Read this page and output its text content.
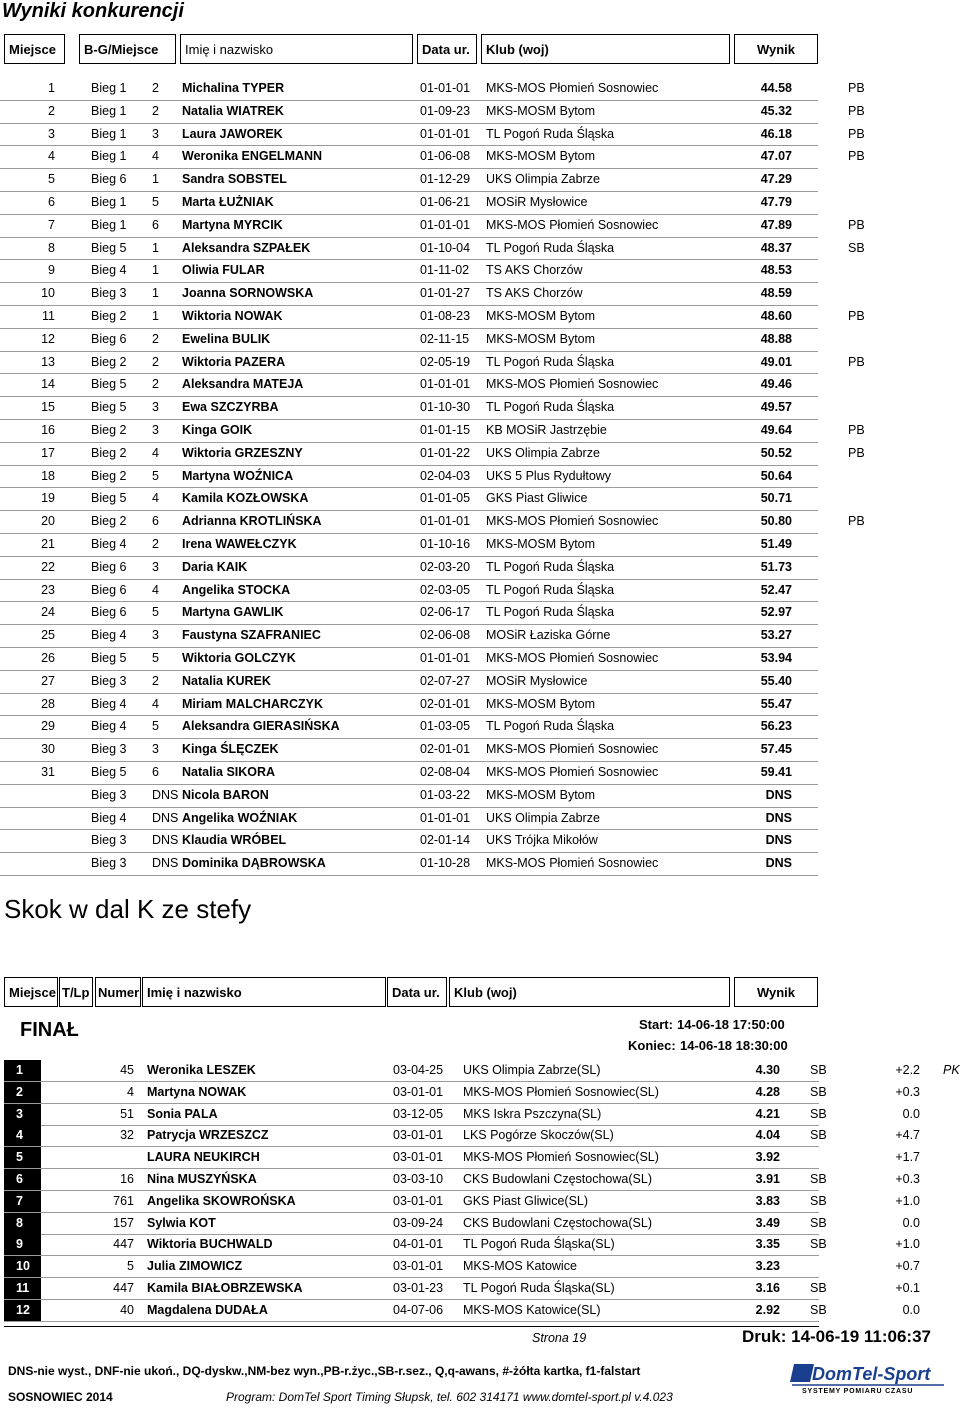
Wyniki konkurencji
Miejsce	B-G/Miejsce	Imię i nazwisko	Data ur.	Klub (woj)	Wynik
1	Bieg 1 2 Michalina TYPER	01-01-01 MKS-MOS Płomień Sosnowiec	44.58	PB
2	Bieg 1 2 Natalia WIATREK	01-09-23 MKS-MOSM Bytom	45.32	PB
3	Bieg 1 3 Laura JAWOREK	01-01-01 TL Pogoń Ruda Śląska	46.18	PB
4	Bieg 1 4 Weronika ENGELMANN	01-06-08 MKS-MOSM Bytom	47.07	PB
5	Bieg 6 1 Sandra SOBSTEL	01-12-29 UKS Olimpia Zabrze	47.29
6	Bieg 1 5 Marta ŁUŻNIAK	01-06-21 MOSiR Mysłowice	47.79
7	Bieg 1 6 Martyna MYRCIK	01-01-01 MKS-MOS Płomień Sosnowiec	47.89	PB
8	Bieg 5 1 Aleksandra SZPAŁEK	01-10-04 TL Pogoń Ruda Śląska	48.37	SB
9	Bieg 4 1 Oliwia FULAR	01-11-02 TS AKS Chorzów	48.53
10	Bieg 3 1 Joanna SORNOWSKA	01-01-27 TS AKS Chorzów	48.59
11	Bieg 2 1 Wiktoria NOWAK	01-08-23 MKS-MOSM Bytom	48.60	PB
12	Bieg 6 2 Ewelina BULIK	02-11-15 MKS-MOSM Bytom	48.88
13	Bieg 2 2 Wiktoria PAZERA	02-05-19 TL Pogoń Ruda Śląska	49.01	PB
14	Bieg 5 2 Aleksandra MATEJA	01-01-01 MKS-MOS Płomień Sosnowiec	49.46
15	Bieg 5 3 Ewa SZCZYRBA	01-10-30 TL Pogoń Ruda Śląska	49.57
16	Bieg 2 3 Kinga GOIK	01-01-15 KB MOSiR Jastrzębie	49.64	PB
17	Bieg 2 4 Wiktoria GRZESZNY	01-01-22 UKS Olimpia Zabrze	50.52	PB
18	Bieg 2 5 Martyna WOŹNICA	02-04-03 UKS 5 Plus Rydułtowy	50.64
19	Bieg 5 4 Kamila KOZŁOWSKA	01-01-05 GKS Piast Gliwice	50.71
20	Bieg 2 6 Adrianna KROTLIŃSKA	01-01-01 MKS-MOS Płomień Sosnowiec	50.80	PB
21	Bieg 4 2 Irena WAWEŁCZYK	01-10-16 MKS-MOSM Bytom	51.49
22	Bieg 6 3 Daria KAIK	02-03-20 TL Pogoń Ruda Śląska	51.73
23	Bieg 6 4 Angelika STOCKA	02-03-05 TL Pogoń Ruda Śląska	52.47
24	Bieg 6 5 Martyna GAWLIK	02-06-17 TL Pogoń Ruda Śląska	52.97
25	Bieg 4 3 Faustyna SZAFRANIEC	02-06-08 MOSiR Łaziska Górne	53.27
26	Bieg 5 5 Wiktoria GOLCZYK	01-01-01 MKS-MOS Płomień Sosnowiec	53.94
27	Bieg 3 2 Natalia KUREK	02-07-27 MOSiR Mysłowice	55.40
28	Bieg 4 4 Miriam MALCHARCZYK	02-01-01 MKS-MOSM Bytom	55.47
29	Bieg 4 5 Aleksandra GIERASIŃSKA	01-03-05 TL Pogoń Ruda Śląska	56.23
30	Bieg 3 3 Kinga ŚLĘCZEK	02-01-01 MKS-MOS Płomień Sosnowiec	57.45
31	Bieg 5 6 Natalia SIKORA	02-08-04 MKS-MOS Płomień Sosnowiec	59.41
Bieg 3 DNS Nicola BARON	01-03-22 MKS-MOSM Bytom	DNS
Bieg 4 DNS Angelika WOŹNIAK	01-01-01 UKS Olimpia Zabrze	DNS
Bieg 3 DNS Klaudia WRÓBEL	02-01-14 UKS Trójka Mikołów	DNS
Bieg 3 DNS Dominika DĄBROWSKA	01-10-28 MKS-MOS Płomień Sosnowiec	DNS
Skok w dal K ze stefy
Miejsce T/Lp Numer Imię i nazwisko	Data ur.	Klub (woj)	Wynik
FINAŁ	Start: 14-06-18 17:50:00
Koniec: 14-06-18 18:30:00
1	45 Weronika LESZEK	03-04-25 UKS Olimpia Zabrze(SL)	4.30 SB	+2.2 PK
2	4 Martyna NOWAK	03-01-01 MKS-MOS Płomień Sosnowiec(SL)	4.28 SB	+0.3
3	51 Sonia PALA	03-12-05 MKS Iskra Pszczyna(SL)	4.21 SB	0.0
4	32 Patrycja WRZESZCZ	03-01-01 LKS Pogórze Skoczów(SL)	4.04 SB	+4.7
5	LAURA NEUKIRCH	03-01-01 MKS-MOS Płomień Sosnowiec(SL)	3.92	+1.7
6	16 Nina MUSZYŃSKA	03-03-10 CKS Budowlani Częstochowa(SL)	3.91 SB	+0.3
7	761 Angelika SKOWROŃSKA	03-01-01 GKS Piast Gliwice(SL)	3.83 SB	+1.0
8	157 Sylwia KOT	03-09-24 CKS Budowlani Częstochowa(SL)	3.49 SB	0.0
9	447 Wiktoria BUCHWALD	04-01-01 TL Pogoń Ruda Śląska(SL)	3.35 SB	+1.0
10	5 Julia ZIMOWICZ	03-01-01 MKS-MOS Katowice	3.23	+0.7
11	447 Kamila BIAŁOBRZEWSKA	03-01-23 TL Pogoń Ruda Śląska(SL)	3.16 SB	+0.1
12	40 Magdalena DUDAŁA	04-07-06 MKS-MOS Katowice(SL)	2.92 SB	0.0
Strona 19	Druk: 14-06-19 11:06:37
DNS-nie wyst., DNF-nie ukoń., DQ-dyskw.,NM-bez wyn.,PB-r.życ.,SB-r.sez., Q,q-awans, #-żółta kartka, f1-falstart
SOSNOWIEC 2014	Program: DomTel Sport Timing Słupsk, tel. 602 314171 www.domtel-sport.pl v.4.023
DomTel-Sport
SYSTEMY POMIARU CZASU
